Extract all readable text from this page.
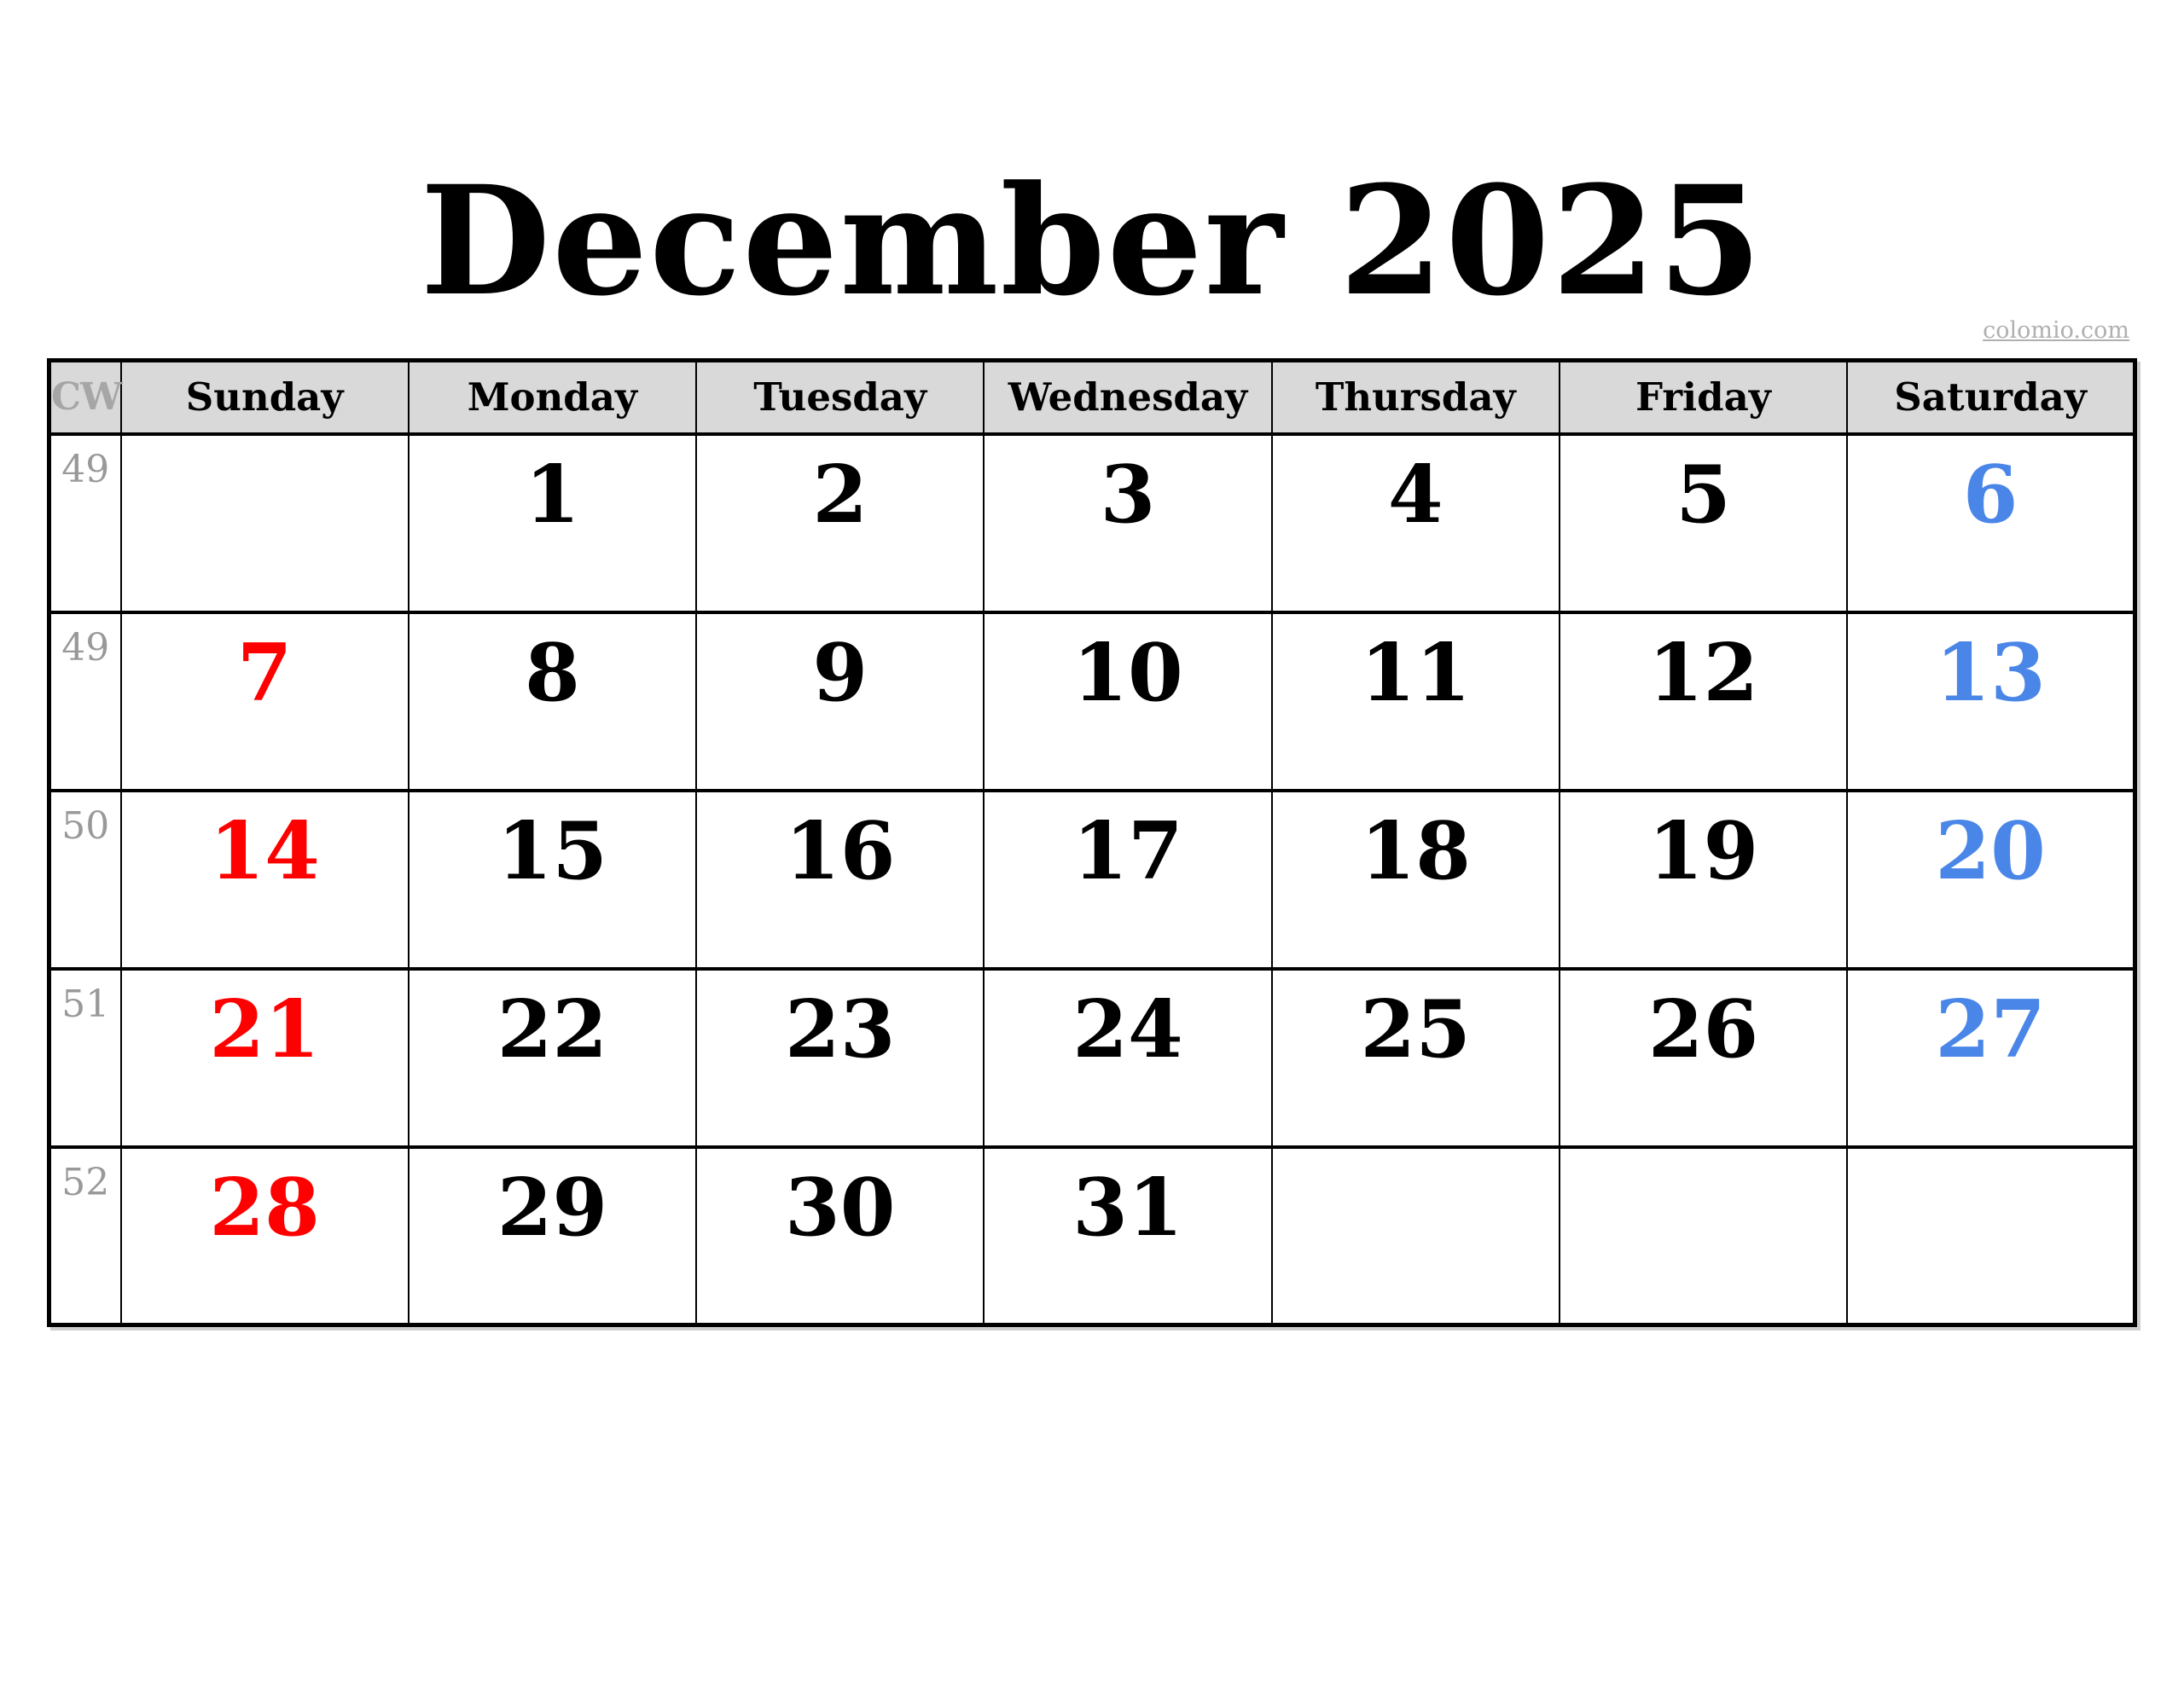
December 2025
colomio.com
CW	Sunday	Monday	Tuesday	Wednesday	Thursday	Friday	Saturday
49		1	2	3	4	5	6
49	7	8	9	10	11	12	13
50	14	15	16	17	18	19	20
51	21	22	23	24	25	26	27
52	28	29	30	31			
